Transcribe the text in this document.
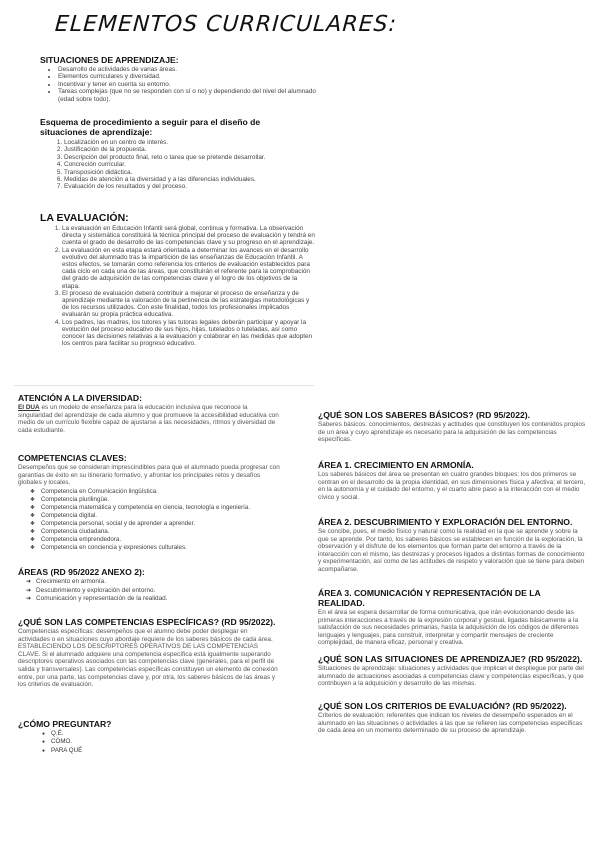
ELEMENTOS CURRICULARES:
SITUACIONES DE APRENDIZAJE:
• Desarrollo de actividades de varias áreas.
• Elementos curriculares y diversidad.
• Incentivar y tener en cuenta su entorno.
• Tareas complejas (que no se responden con sí o no) y dependiendo del nivel del alumnado (edad sobre todo).
Esquema de procedimiento a seguir para el diseño de situaciones de aprendizaje:
1. Localización en un centro de interés.
2. Justificación de la propuesta.
3. Descripción del producto final, reto o tarea que se pretende desarrollar.
4. Concreción curricular.
5. Transposición didáctica.
6. Medidas de atención a la diversidad y a las diferencias individuales.
7. Evaluación de los resultados y del proceso.
LA EVALUACIÓN:
1. La evaluación en Educación Infantil será global, continua y formativa. La observación directa y sistemática constituirá la técnica principal del proceso de evaluación y tendrá en cuenta el grado de desarrollo de las competencias clave y su progreso en el aprendizaje.
2. La evaluación en esta etapa estará orientada a determinar los avances en el desarrollo evolutivo del alumnado tras la impartición de las enseñanzas de Educación Infantil. A estos efectos, se tomarán como referencia los criterios de evaluación establecidos para cada ciclo en cada una de las áreas, que constituirán el referente para la comprobación del grado de adquisición de las competencias clave y el logro de los objetivos de la etapa.
3. El proceso de evaluación deberá contribuir a mejorar el proceso de enseñanza y de aprendizaje mediante la valoración de la pertinencia de las estrategias metodológicas y de los recursos utilizados. Con este finalidad, todos los profesionales implicados evaluarán su propia práctica educativa.
4. Los padres, las madres, los tutores y las tutoras legales deberán participar y apoyar la evolución del proceso educativo de sus hijos, hijas, tutelados o tuteladas, así como conocer las decisiones relativas a la evaluación y colaborar en las medidas que adopten los centros para facilitar su progreso educativo.
ATENCIÓN A LA DIVERSIDAD:
El DUA es un modelo de enseñanza para la educación inclusiva que reconoce la singularidad del aprendizaje de cada alumno y que promueve la accesibilidad educativa con medio de un currículo flexible capaz de ajustarse a las necesidades, ritmos y diversidad de cada estudiante.
COMPETENCIAS CLAVES:
Desempeños que se consideran imprescindibles para que el alumnado pueda progresar con garantías de éxito en su itinerario formativo, y afrontar los principales retos y desafíos globales y locales.
❖ Competencia en Comunicación lingüística.
❖ Competencia plurilingüe.
❖ Competencia matemática y competencia en ciencia, tecnología e ingeniería.
❖ Competencia digital.
❖ Competencia personal, social y de aprender a aprender.
❖ Competencia ciudadana.
❖ Competencia emprendedora.
❖ Competencia en conciencia y expresiones culturales.
ÁREAS (RD 95/2022 ANEXO 2):
➔ Crecimiento en armonía.
➔ Descubrimiento y exploración del entorno.
➔ Comunicación y representación de la realidad.
¿QUÉ SON LAS COMPETENCIAS ESPECÍFICAS? (RD 95/2022).
Competencias específicas: desempeños que el alumno debe poder desplegar en actividades o en situaciones cuyo abordaje requiere de los saberes básicos de cada área. ESTABLECIENDO LOS DESCRIPTORES OPERATIVOS DE LAS COMPETENCIAS CLAVE. Si el alumnado adquiere una competencia específica está igualmente superando descriptores operativos asociados con las competencias clave (generales, para el perfil de salida y transversales). Las competencias específicas constituyen un elemento de conexión entre, por una parte, las competencias clave y, por otra, los saberes básicos de las áreas y los criterios de evaluación.
¿CÓMO PREGUNTAR?
● Q.É.
● CÓMO.
● PARA QUÉ
¿QUÉ SON LOS SABERES BÁSICOS? (RD 95/2022).
Saberes básicos: conocimientos, destrezas y actitudes que constituyen los contenidos propios de un área y cuyo aprendizaje es necesario para la adquisición de las competencias específicas.
ÁREA 1. CRECIMIENTO EN ARMONÍA.
Los saberes básicos del área se presentan en cuatro grandes bloques: los dos primeros se centran en el desarrollo de la propia identidad, en sus dimensiones física y afectiva; el tercero, en la autonomía y el cuidado del entorno, y el cuarto abre paso a la interacción con el medio cívico y social.
ÁREA 2. DESCUBRIMIENTO Y EXPLORACIÓN DEL ENTORNO.
Se concibe, pues, el medio físico y natural como la realidad en la que se aprende y sobre la que se aprende. Por tanto, los saberes básicos se establecen en función de la exploración, la observación y el disfrute de los elementos que forman parte del entorno a través de la interacción con el mismo, las destrezas y procesos ligados a distintas formas de conocimiento y experimentación, así como de las actitudes de respeto y valoración que se tiene para deben acompañarse.
ÁREA 3. COMUNICACIÓN Y REPRESENTACIÓN DE LA REALIDAD.
En el área se espera desarrollar de forma comunicativa, que irán evolucionando desde las primeras interacciones a través de la expresión corporal y gestual, ligadas básicamente a la satisfacción de sus necesidades primarias, hasta la adquisición de los códigos de diferentes lenguajes y lenguajes, para construir, interpretar y compartir mensajes de creciente complejidad, de manera eficaz, personal y creativa.
¿QUÉ SON LAS SITUACIONES DE APRENDIZAJE? (RD 95/2022).
Situaciones de aprendizaje: situaciones y actividades que implican el despliegue por parte del alumnado de actuaciones asociadas a competencias clave y competencias específicas, y que contribuyen a la adquisición y desarrollo de las mismas.
¿QUÉ SON LOS CRITERIOS DE EVALUACIÓN? (RD 95/2022).
Criterios de evaluación: referentes que indican los niveles de desempeño esperados en el alumnado en las situaciones o actividades a las que se refieren las competencias específicas de cada área en un momento determinado de su proceso de aprendizaje.
